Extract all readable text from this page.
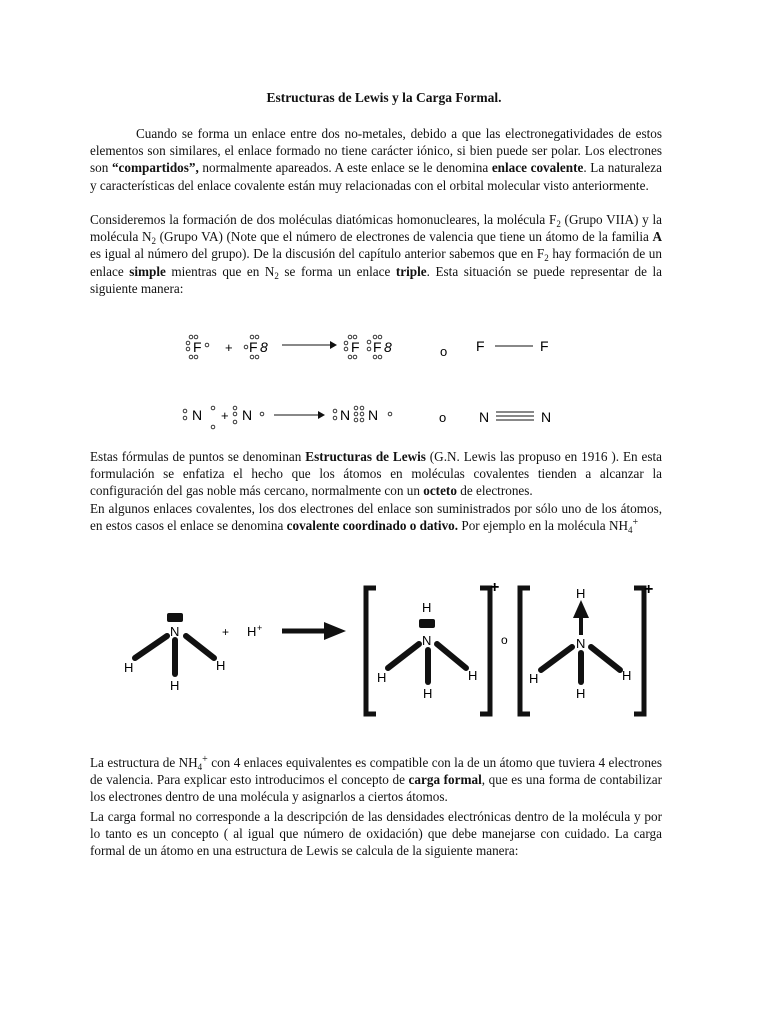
Estructuras de Lewis y la Carga Formal.
Cuando se forma un enlace entre dos no-metales, debido a que las electronegatividades de estos elementos son similares, el enlace formado no tiene carácter iónico, si bien puede ser polar. Los electrones son “compartidos”, normalmente apareados. A este enlace se le denomina enlace covalente. La naturaleza y características del enlace covalente están muy relacionadas con el orbital molecular visto anteriormente.
Consideremos la formación de dos moléculas diatómicas homonucleares, la molécula $F_2$ (Grupo VIIA) y la molécula $N_2$ (Grupo VA) (Note que el número de electrones de valencia que tiene un átomo de la familia A es igual al número del grupo). De la discusión del capítulo anterior sabemos que en $F_2$ hay formación de un enlace simple mientras que en $N_2$ se forma un enlace triple. Esta situación se puede representar de la siguiente manera:
F + F 8	F F 8	o F	F
N + N	N N	o N	N
Estas fórmulas de puntos se denominan Estructuras de Lewis (G.N. Lewis las propuso en 1916 ). En esta formulación se enfatiza el hecho que los átomos en moléculas covalentes tienden a alcanzar la configuración del gas noble más cercano, normalmente con un octeto de electrones.
En algunos enlaces covalentes, los dos electrones del enlace son suministrados por sólo uno de los átomos, en estos casos el enlace se denomina covalente coordinado o dativo. Por ejemplo en la molécula $NH_4^+$
N
H	H
H
+ H +
+
H
N
H	H
H
o
+
H
N
H	H
H
La estructura de $NH_4^+$ con 4 enlaces equivalentes es compatible con la de un átomo que tuviera 4 electrones de valencia. Para explicar esto introducimos el concepto de carga formal, que es una forma de contabilizar los electrones dentro de una molécula y asignarlos a ciertos átomos.
La carga formal no corresponde a la descripción de las densidades electrónicas dentro de la molécula y por lo tanto es un concepto ( al igual que número de oxidación) que debe manejarse con cuidado. La carga formal de un átomo en una estructura de Lewis se calcula de la siguiente manera:
